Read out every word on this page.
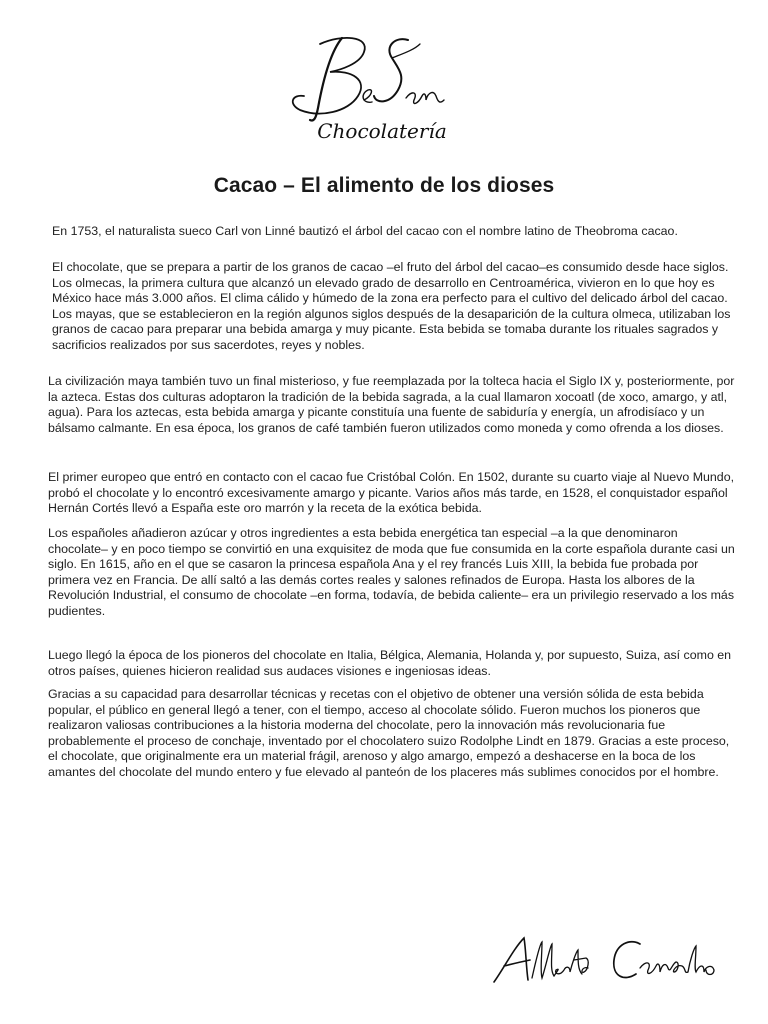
Chocolatería
Cacao – El alimento de los dioses

En 1753, el naturalista sueco Carl von Linné bautizó el árbol del cacao con el nombre latino de Theobroma cacao.

El chocolate, que se prepara a partir de los granos de cacao –el fruto del árbol del cacao–es consumido desde hace siglos. Los olmecas, la primera cultura que alcanzó un elevado grado de desarrollo en Centroamérica, vivieron en lo que hoy es México hace más 3.000 años. El clima cálido y húmedo de la zona era perfecto para el cultivo del delicado árbol del cacao. Los mayas, que se establecieron en la región algunos siglos después de la desaparición de la cultura olmeca, utilizaban los granos de cacao para preparar una bebida amarga y muy picante. Esta bebida se tomaba durante los rituales sagrados y sacrificios realizados por sus sacerdotes, reyes y nobles.

La civilización maya también tuvo un final misterioso, y fue reemplazada por la tolteca hacia el Siglo IX y, posteriormente, por la azteca. Estas dos culturas adoptaron la tradición de la bebida sagrada, a la cual llamaron xocoatl (de xoco, amargo, y atl, agua). Para los aztecas, esta bebida amarga y picante constituía una fuente de sabiduría y energía, un afrodisíaco y un bálsamo calmante. En esa época, los granos de café también fueron utilizados como moneda y como ofrenda a los dioses.

El primer europeo que entró en contacto con el cacao fue Cristóbal Colón. En 1502, durante su cuarto viaje al Nuevo Mundo, probó el chocolate y lo encontró excesivamente amargo y picante. Varios años más tarde, en 1528, el conquistador español Hernán Cortés llevó a España este oro marrón y la receta de la exótica bebida.

Los españoles añadieron azúcar y otros ingredientes a esta bebida energética tan especial –a la que denominaron chocolate– y en poco tiempo se convirtió en una exquisitez de moda que fue consumida en la corte española durante casi un siglo. En 1615, año en el que se casaron la princesa española Ana y el rey francés Luis XIII, la bebida fue probada por primera vez en Francia. De allí saltó a las demás cortes reales y salones refinados de Europa. Hasta los albores de la Revolución Industrial, el consumo de chocolate –en forma, todavía, de bebida caliente– era un privilegio reservado a los más pudientes.

Luego llegó la época de los pioneros del chocolate en Italia, Bélgica, Alemania, Holanda y, por supuesto, Suiza, así como en otros países, quienes hicieron realidad sus audaces visiones e ingeniosas ideas.

Gracias a su capacidad para desarrollar técnicas y recetas con el objetivo de obtener una versión sólida de esta bebida popular, el público en general llegó a tener, con el tiempo, acceso al chocolate sólido. Fueron muchos los pioneros que realizaron valiosas contribuciones a la historia moderna del chocolate, pero la innovación más revolucionaria fue probablemente el proceso de conchaje, inventado por el chocolatero suizo Rodolphe Lindt en 1879. Gracias a este proceso, el chocolate, que originalmente era un material frágil, arenoso y algo amargo, empezó a deshacerse en la boca de los amantes del chocolate del mundo entero y fue elevado al panteón de los placeres más sublimes conocidos por el hombre.
